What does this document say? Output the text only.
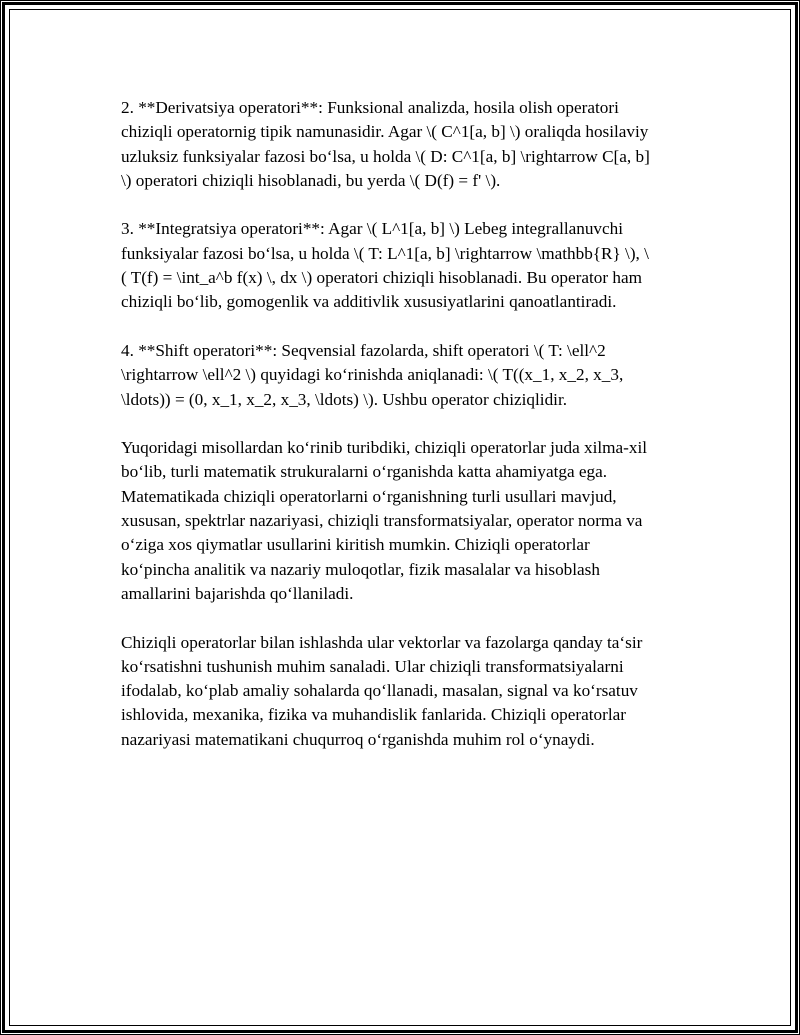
2. **Derivatsiya operatori**: Funksional analizda, hosila olish operatori
chiziqli operatornig tipik namunasidir. Agar \( C^1[a, b] \) oraliqda hosilaviy
uzluksiz funksiyalar fazosi bo‘lsa, u holda \( D: C^1[a, b] \rightarrow C[a, b]
\) operatori chiziqli hisoblanadi, bu yerda \( D(f) = f' \).

3. **Integratsiya operatori**: Agar \( L^1[a, b] \) Lebeg integrallanuvchi
funksiyalar fazosi bo‘lsa, u holda \( T: L^1[a, b] \rightarrow \mathbb{R} \), \
( T(f) = \int_a^b f(x) \, dx \) operatori chiziqli hisoblanadi. Bu operator ham
chiziqli bo‘lib, gomogenlik va additivlik xususiyatlarini qanoatlantiradi.

4. **Shift operatori**: Seqvensial fazolarda, shift operatori \( T: \ell^2
\rightarrow \ell^2 \) quyidagi ko‘rinishda aniqlanadi: \( T((x_1, x_2, x_3,
\ldots)) = (0, x_1, x_2, x_3, \ldots) \). Ushbu operator chiziqlidir.

Yuqoridagi misollardan ko‘rinib turibdiki, chiziqli operatorlar juda xilma-xil
bo‘lib, turli matematik strukuralarni o‘rganishda katta ahamiyatga ega.
Matematikada chiziqli operatorlarni o‘rganishning turli usullari mavjud,
xususan, spektrlar nazariyasi, chiziqli transformatsiyalar, operator norma va
o‘ziga xos qiymatlar usullarini kiritish mumkin. Chiziqli operatorlar
ko‘pincha analitik va nazariy muloqotlar, fizik masalalar va hisoblash
amallarini bajarishda qo‘llaniladi.

Chiziqli operatorlar bilan ishlashda ular vektorlar va fazolarga qanday ta‘sir
ko‘rsatishni tushunish muhim sanaladi. Ular chiziqli transformatsiyalarni
ifodalab, ko‘plab amaliy sohalarda qo‘llanadi, masalan, signal va ko‘rsatuv
ishlovida, mexanika, fizika va muhandislik fanlarida. Chiziqli operatorlar
nazariyasi matematikani chuqurroq o‘rganishda muhim rol o‘ynaydi.
